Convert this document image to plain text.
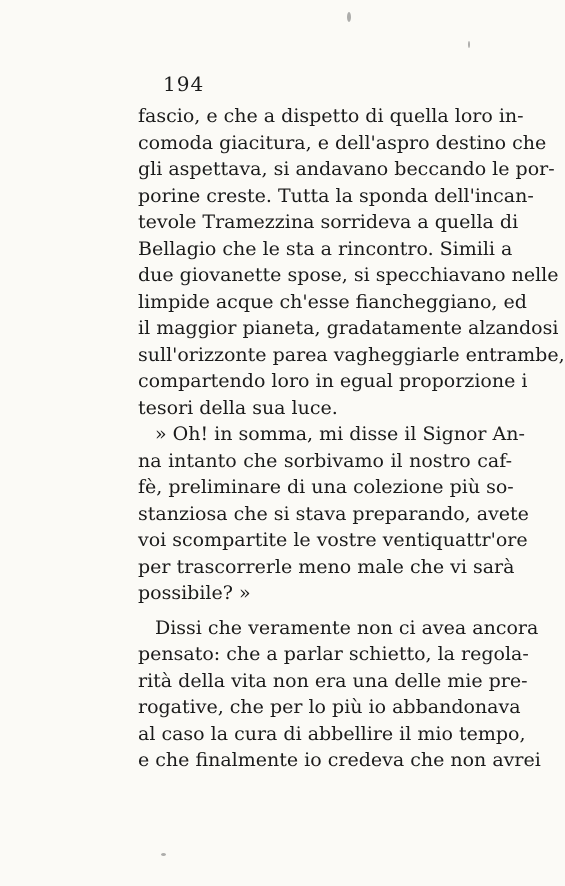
194
fascio, e che a dispetto di quella loro in-
comoda giacitura, e dell'aspro destino che
gli aspettava, si andavano beccando le por-
porine creste. Tutta la sponda dell'incan-
tevole Tramezzina sorrideva a quella di
Bellagio che le sta a rincontro. Simili a
due giovanette spose, si specchiavano nelle
limpide acque ch'esse fiancheggiano, ed
il maggior pianeta, gradatamente alzandosi
sull'orizzonte parea vagheggiarle entrambe,
compartendo loro in egual proporzione i
tesori della sua luce.
» Oh! in somma, mi disse il Signor An-
na intanto che sorbivamo il nostro caf-
fè, preliminare di una colezione più so-
stanziosa che si stava preparando, avete
voi scompartite le vostre ventiquattr'ore
per trascorrerle meno male che vi sarà
possibile? »
Dissi che veramente non ci avea ancora
pensato: che a parlar schietto, la regola-
rità della vita non era una delle mie pre-
rogative, che per lo più io abbandonava
al caso la cura di abbellire il mio tempo,
e che finalmente io credeva che non avrei
